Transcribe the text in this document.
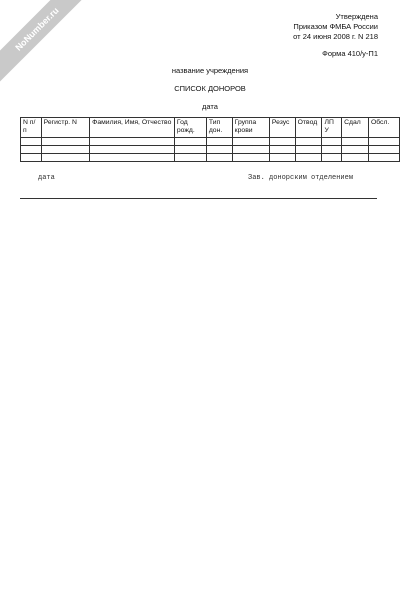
NoNumber.ru	Утверждена
Приказом ФМБА России
от 24 июня 2008 г. N 218
Форма 410/у-П1
название учреждения
СПИСОК ДОНОРОВ
дата
N п/п	Регистр. N	Фамилия, Имя, Отчество	Год рожд.	Тип дон.	Группа крови	Резус	Отвод	ЛП У	Сдал	Обсл.

дата	Зав. донорским отделением
